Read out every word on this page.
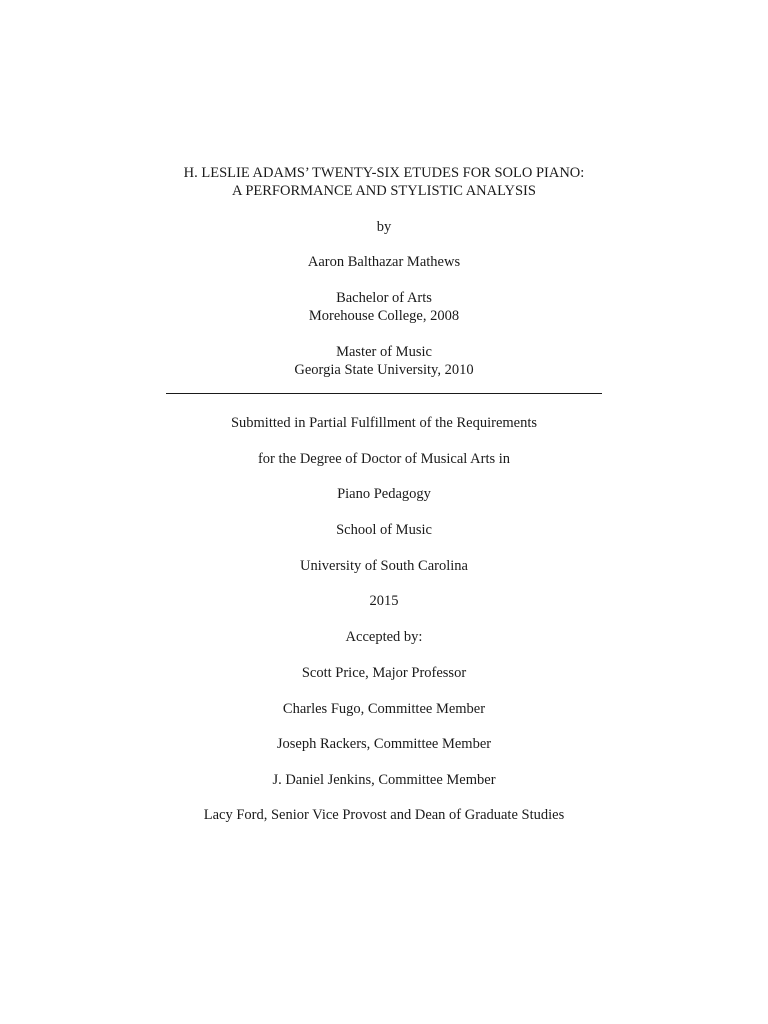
H. LESLIE ADAMS’ TWENTY-SIX ETUDES FOR SOLO PIANO:
A PERFORMANCE AND STYLISTIC ANALYSIS
by
Aaron Balthazar Mathews
Bachelor of Arts
Morehouse College, 2008
Master of Music
Georgia State University, 2010
Submitted in Partial Fulfillment of the Requirements
for the Degree of Doctor of Musical Arts in
Piano Pedagogy
School of Music
University of South Carolina
2015
Accepted by:
Scott Price, Major Professor
Charles Fugo, Committee Member
Joseph Rackers, Committee Member
J. Daniel Jenkins, Committee Member
Lacy Ford, Senior Vice Provost and Dean of Graduate Studies
